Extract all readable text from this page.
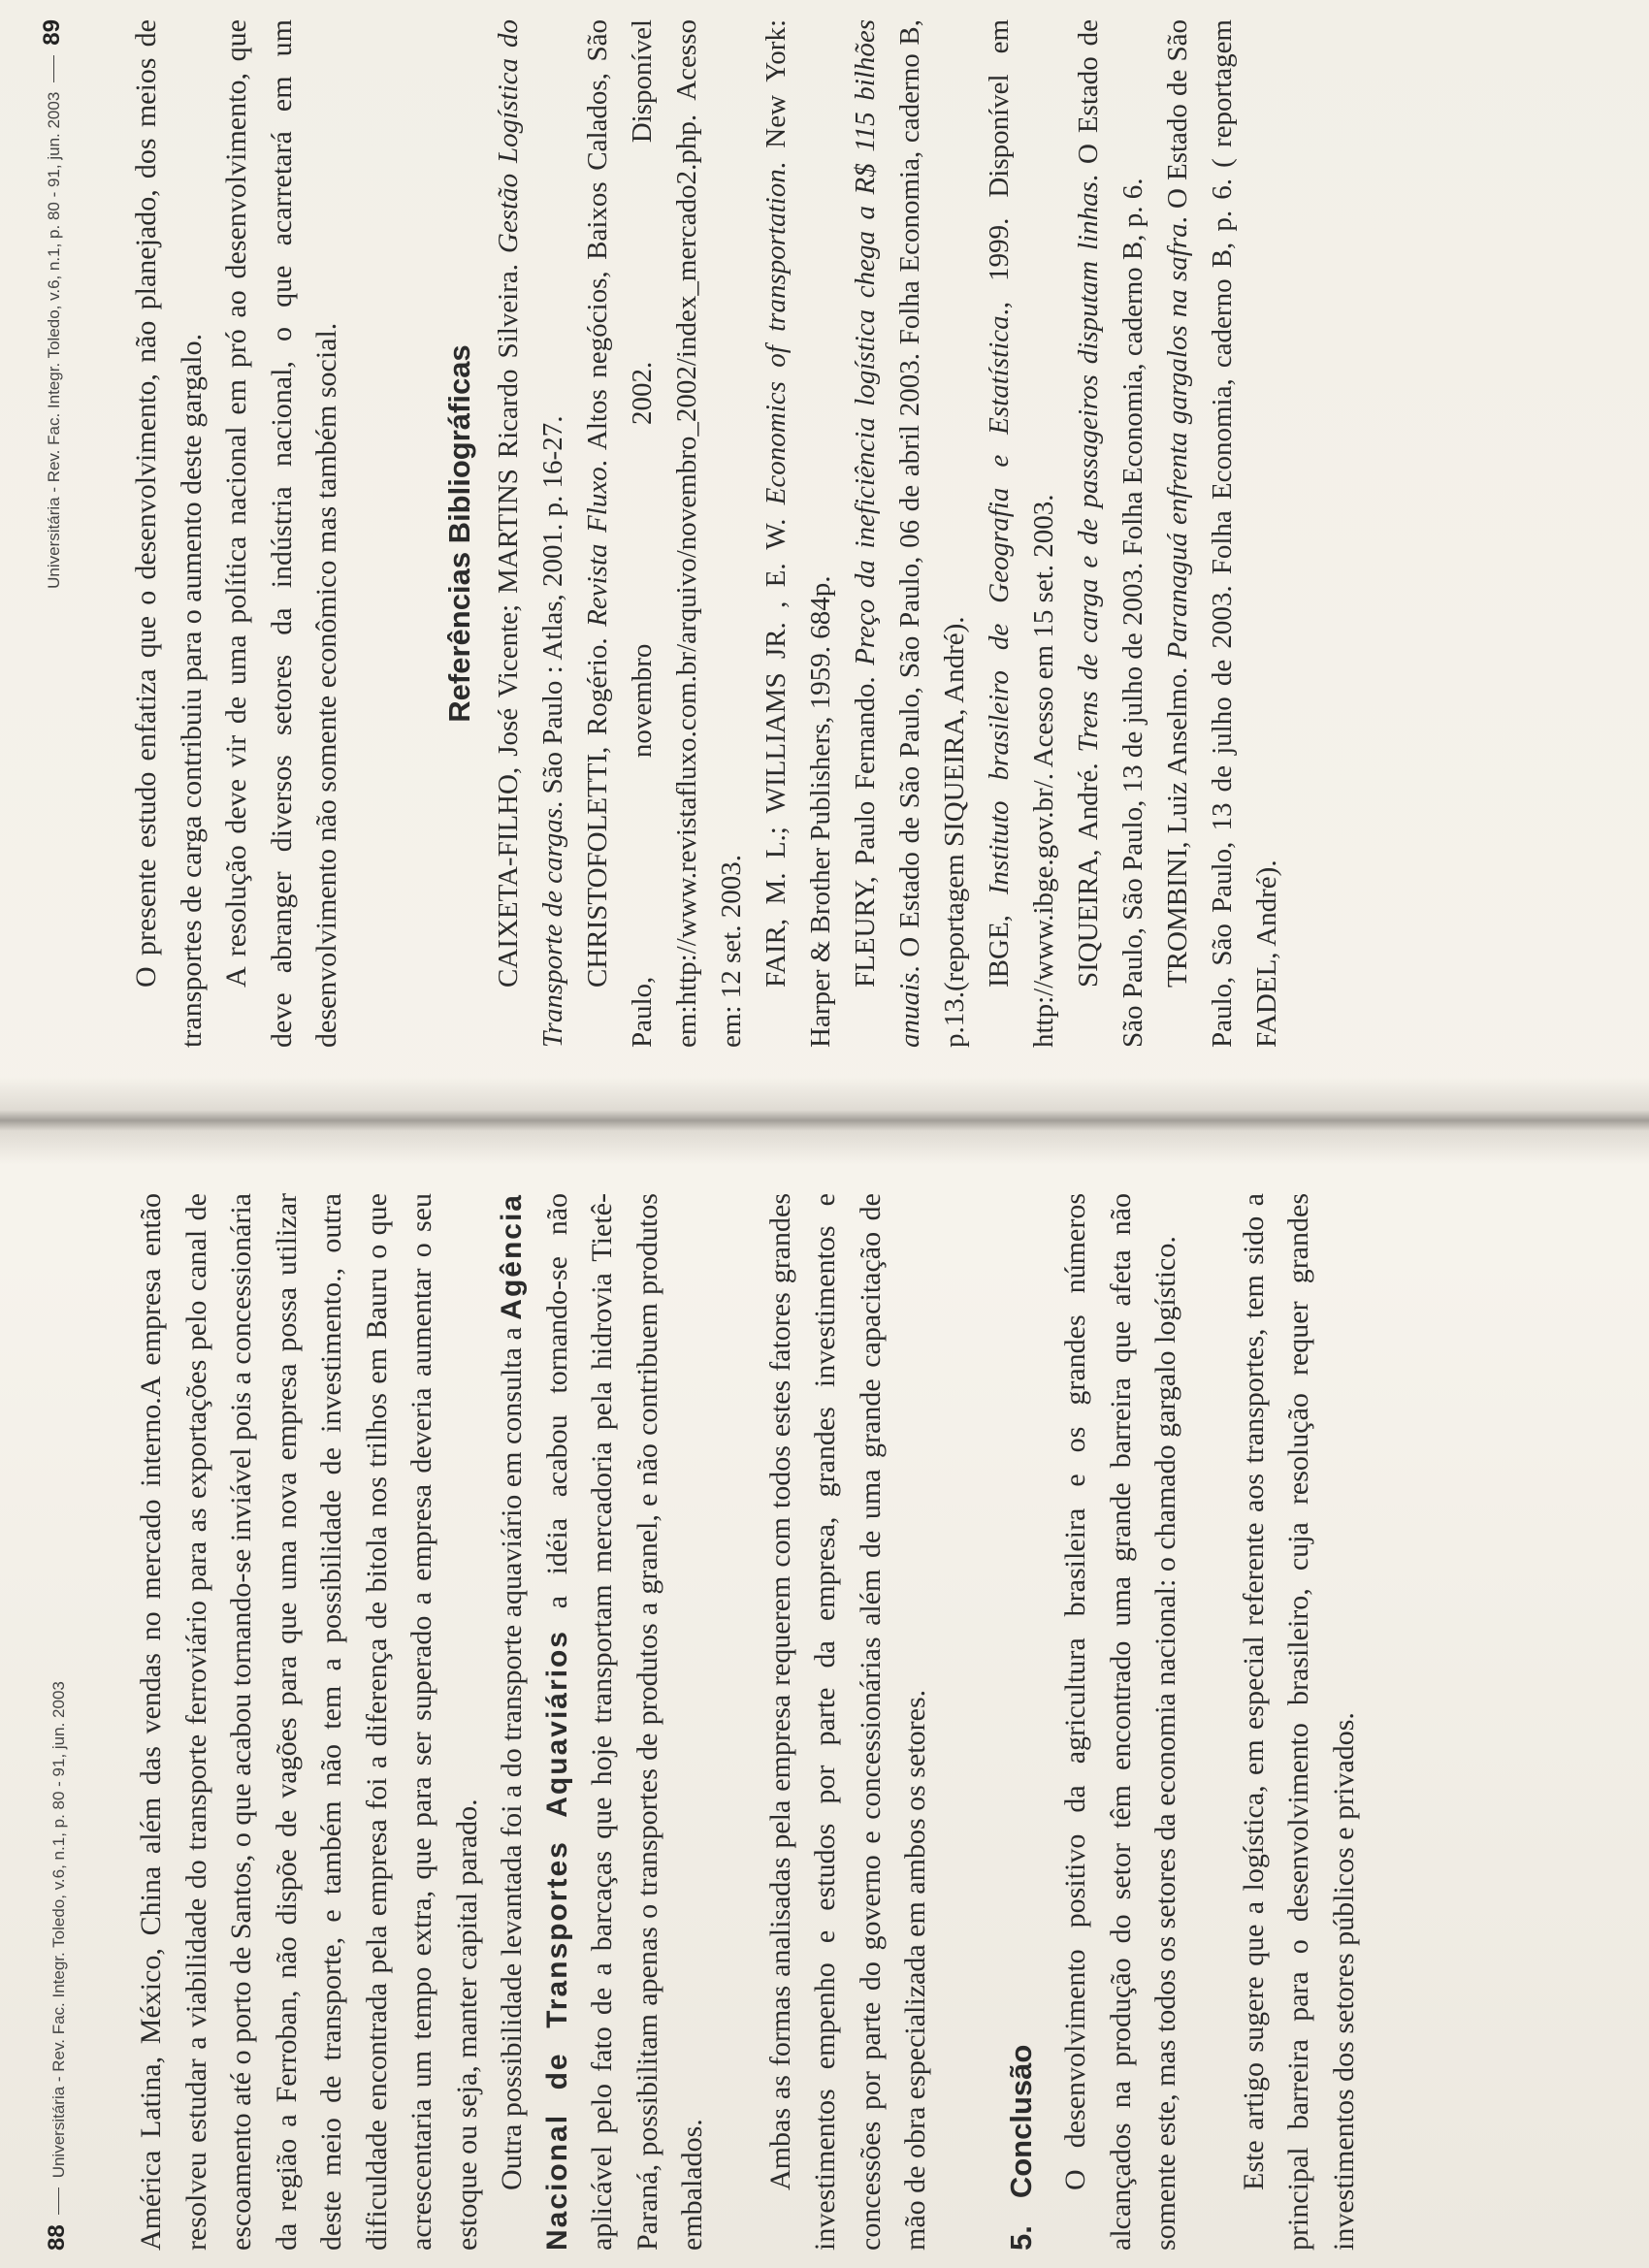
Universitária - Rev. Fac. Integr. Toledo, v.6, n.1, p. 80 - 91, jun. 2003
89 O presente estudo enfatiza que o desenvolvimento, não planejado, dos meios de transportes de carga contribuiu para o aumento deste gargalo. A resolução deve vir de uma política nacional em pró ao desenvolvimento, que deve abranger diversos setores da indústria nacional, o que acarretará em um desenvolvimento não somente econômico mas também social.	Referências Bibliográficas CAIXETA-FILHO, José Vicente; MARTINS Ricardo Silveira. Gestão Logística do Transporte de cargas. São Paulo : Atlas, 2001. p. 16-27. CHRISTOFOLETTI, Rogério. Revista Fluxo. Altos negócios, Baixos Calados, São Paulo, novembro 2002. Disponível em:http://www.revistafluxo.com.br/arquivo/novembro_2002/index_mercado2.php. Acesso em: 12 set. 2003. FAIR, M. L.; WILLIAMS JR. , E. W. Economics of transportation. New York: Harper & Brother Publishers, 1959. 684p. FLEURY, Paulo Fernando. Preço da ineficiência logística chega a R$ 115 bilhões anuais. O Estado de São Paulo, São Paulo, 06 de abril 2003. Folha Economia, caderno B, p.13.(reportagem SIQUEIRA, André). IBGE, Instituto brasileiro de Geografia e Estatística., 1999. Disponível em http://www.ibge.gov.br/. Acesso em 15 set. 2003. SIQUEIRA, André. Trens de carga e de passageiros disputam linhas. O Estado de São Paulo, São Paulo, 13 de julho de 2003. Folha Economia, caderno B, p. 6. TROMBINI, Luiz Anselmo. Paranaguá enfrenta gargalos na safra. O Estado de São Paulo, São Paulo, 13 de julho de 2003. Folha Economia, caderno B, p. 6. ( reportagem FADEL, André).

88
Universitária - Rev. Fac. Integr. Toledo, v.6, n.1, p. 80 - 91, jun. 2003 América Latina, México, China além das vendas no mercado interno.A empresa então resolveu estudar a viabilidade do transporte ferroviário para as exportações pelo canal de escoamento até o porto de Santos, o que acabou tornando-se inviável pois a concessionária da região a Ferroban, não dispõe de vagões para que uma nova empresa possa utilizar deste meio de transporte, e também não tem a possibilidade de investimento., outra dificuldade encontrada pela empresa foi a diferença de bitola nos trilhos em Bauru o que acrescentaria um tempo extra, que para ser superado a empresa deveria aumentar o seu estoque ou seja, manter capital parado. Outra possibilidade levantada foi a do transporte aquaviário em consulta a Agência Nacional de Transportes Aquaviários a idéia acabou tornando-se não aplicável pelo fato de a barcaças que hoje transportam mercadoria pela hidrovia Tietê-Paraná, possibilitam apenas o transportes de produtos a granel, e não contribuem produtos embalados. Ambas as formas analisadas pela empresa requerem com todos estes fatores grandes investimentos empenho e estudos por parte da empresa, grandes investimentos e concessões por parte do governo e concessionárias além de uma grande capacitação de mão de obra especializada em ambos os setores. 5.
Conclusão O desenvolvimento positivo da agricultura brasileira e os grandes números alcançados na produção do setor têm encontrado uma grande barreira que afeta não somente este, mas todos os setores da economia nacional: o chamado gargalo logístico. Este artigo sugere que a logística, em especial referente aos transportes, tem sido a principal barreira para o desenvolvimento brasileiro, cuja resolução requer grandes investimentos dos setores públicos e privados.
